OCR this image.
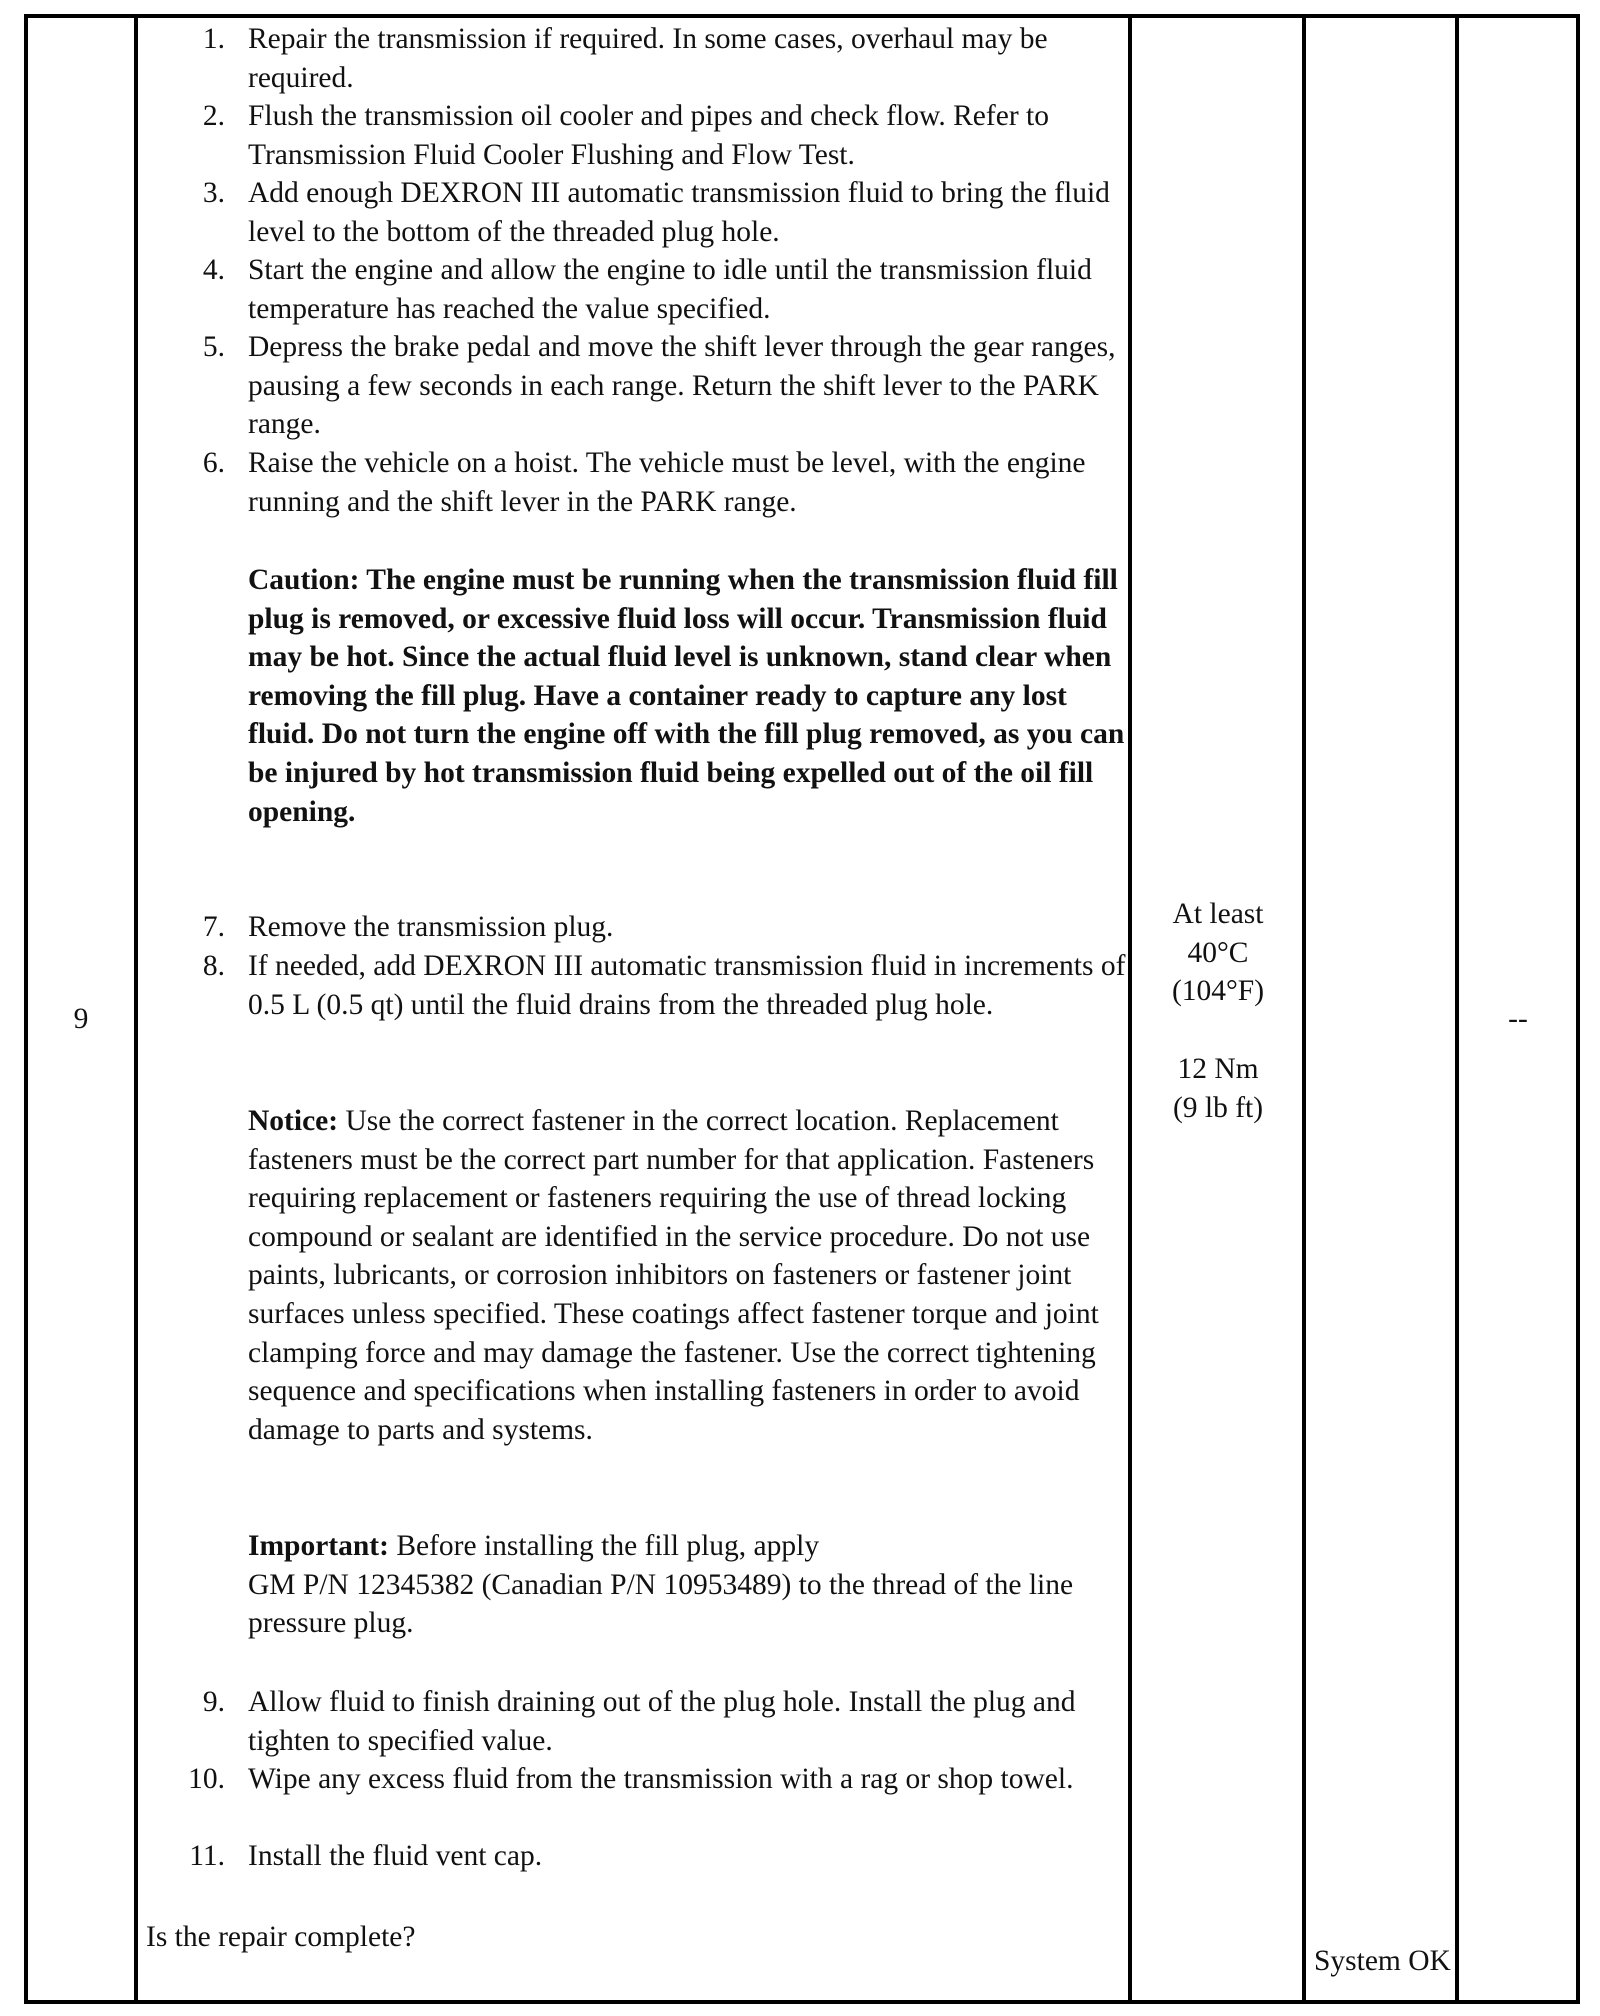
9
1. Repair the transmission if required. In some cases, overhaul may be required.
2. Flush the transmission oil cooler and pipes and check flow. Refer to Transmission Fluid Cooler Flushing and Flow Test.
3. Add enough DEXRON III automatic transmission fluid to bring the fluid level to the bottom of the threaded plug hole.
4. Start the engine and allow the engine to idle until the transmission fluid temperature has reached the value specified.
5. Depress the brake pedal and move the shift lever through the gear ranges, pausing a few seconds in each range. Return the shift lever to the PARK range.
6. Raise the vehicle on a hoist. The vehicle must be level, with the engine running and the shift lever in the PARK range.
Caution: The engine must be running when the transmission fluid fill plug is removed, or excessive fluid loss will occur. Transmission fluid may be hot. Since the actual fluid level is unknown, stand clear when removing the fill plug. Have a container ready to capture any lost fluid. Do not turn the engine off with the fill plug removed, as you can be injured by hot transmission fluid being expelled out of the oil fill opening.
7. Remove the transmission plug.
8. If needed, add DEXRON III automatic transmission fluid in increments of 0.5 L (0.5 qt) until the fluid drains from the threaded plug hole.
Notice: Use the correct fastener in the correct location. Replacement fasteners must be the correct part number for that application. Fasteners requiring replacement or fasteners requiring the use of thread locking compound or sealant are identified in the service procedure. Do not use paints, lubricants, or corrosion inhibitors on fasteners or fastener joint surfaces unless specified. These coatings affect fastener torque and joint clamping force and may damage the fastener. Use the correct tightening sequence and specifications when installing fasteners in order to avoid damage to parts and systems.
Important: Before installing the fill plug, apply
GM P/N 12345382 (Canadian P/N 10953489) to the thread of the line pressure plug.
9. Allow fluid to finish draining out of the plug hole. Install the plug and tighten to specified value.
10. Wipe any excess fluid from the transmission with a rag or shop towel.
11. Install the fluid vent cap.
Is the repair complete?
At least
40°C
(104°F)
12 Nm
(9 lb ft)
System OK
--
